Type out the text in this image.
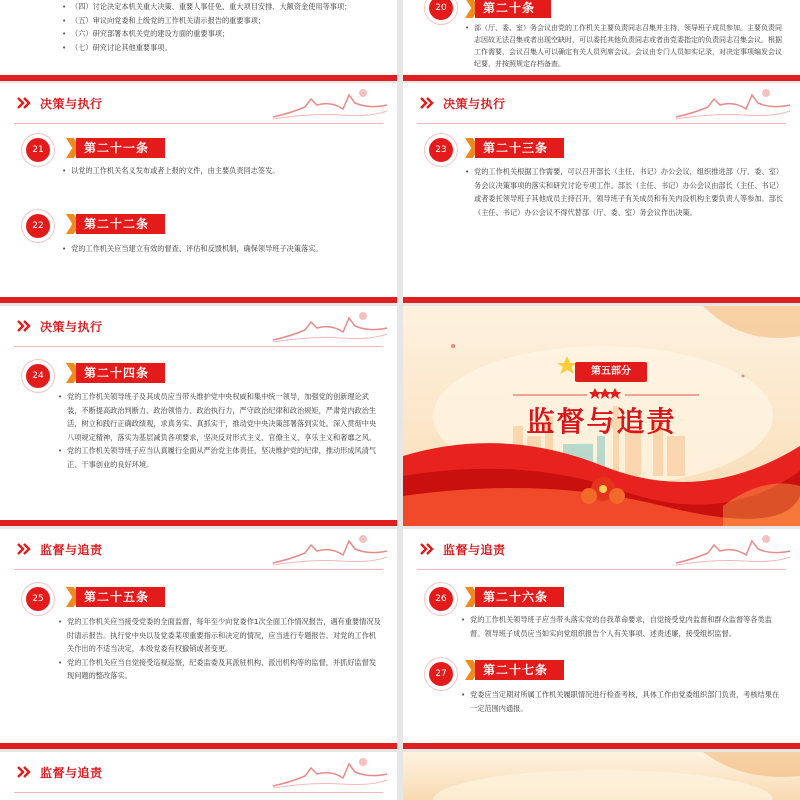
• （四）讨论决定本机关重大决策、重要人事任免、重大项目安排、大额资金使用等事项；

• （五）审议向党委和上级党的工作机关请示报告的重要事项；

• （六）研究部署本机关党的建设方面的重要事项；

• （七）研究讨论其他重要事项。

20	第二十条

• 部（厅、委、室）务会议由党的工作机关主要负责同志召集并主持，领导班子成员参加。主要负责同志因故无法召集或者出现空缺时，可以委托其他负责同志或者由党委指定的负责同志召集会议。根据工作需要，会议召集人可以确定有关人员列席会议。会议由专门人员如实记录，对决定事项编发会议纪要，并按照规定存档备查。

决策与执行
21	第二十一条

• 以党的工作机关名义发布或者上报的文件，由主要负责同志签发。

22	第二十二条

• 党的工作机关应当建立有效的督查、评估和反馈机制，确保领导班子决策落实。

决策与执行
23	第二十三条

• 党的工作机关根据工作需要，可以召开部长（主任、书记）办公会议，组织推进部（厅、委、室）务会议决策事项的落实和研究讨论专项工作。部长（主任、书记）办公会议由部长（主任、书记）或者委托领导班子其他成员主持召开，领导班子有关成员和有关内设机构主要负责人等参加。部长（主任、书记）办公会议不得代替部（厅、委、室）务会议作出决策。

决策与执行
24	第二十四条

• 党的工作机关领导班子及其成员应当带头维护党中央权威和集中统一领导，加强党的创新理论武装，不断提高政治判断力、政治领悟力、政治执行力，严守政治纪律和政治规矩，严肃党内政治生活，树立和践行正确政绩观，求真务实、真抓实干，推动党中央决策部署落到实处。深入贯彻中央八项规定精神，落实为基层减负各项要求，坚决反对形式主义、官僚主义、享乐主义和奢靡之风。

• 党的工作机关领导班子应当认真履行全面从严治党主体责任，坚决维护党的纪律，推动形成风清气正、干事创业的良好环境。

第五部分
监督与追责
监督与追责
25	第二十五条

• 党的工作机关应当接受党委的全面监督，每年至少向党委作1次全面工作情况报告，遇有重要情况及时请示报告。执行党中央以及党委某项重要指示和决定的情况，应当进行专题报告。对党的工作机关作出的不适当决定，本级党委有权撤销或者变更。

• 党的工作机关应当自觉接受巡视巡察，纪委监委及其派驻机构、派出机构等的监督，并抓好监督发现问题的整改落实。

监督与追责
26	第二十六条

• 党的工作机关领导班子应当带头落实党的自我革命要求，自觉接受党内监督和群众监督等各类监督。领导班子成员应当如实向党组织报告个人有关事项、述责述廉，接受组织监督。

27	第二十七条

• 党委应当定期对所属工作机关履职情况进行检查考核，具体工作由党委组织部门负责，考核结果在一定范围内通报。

监督与追责
